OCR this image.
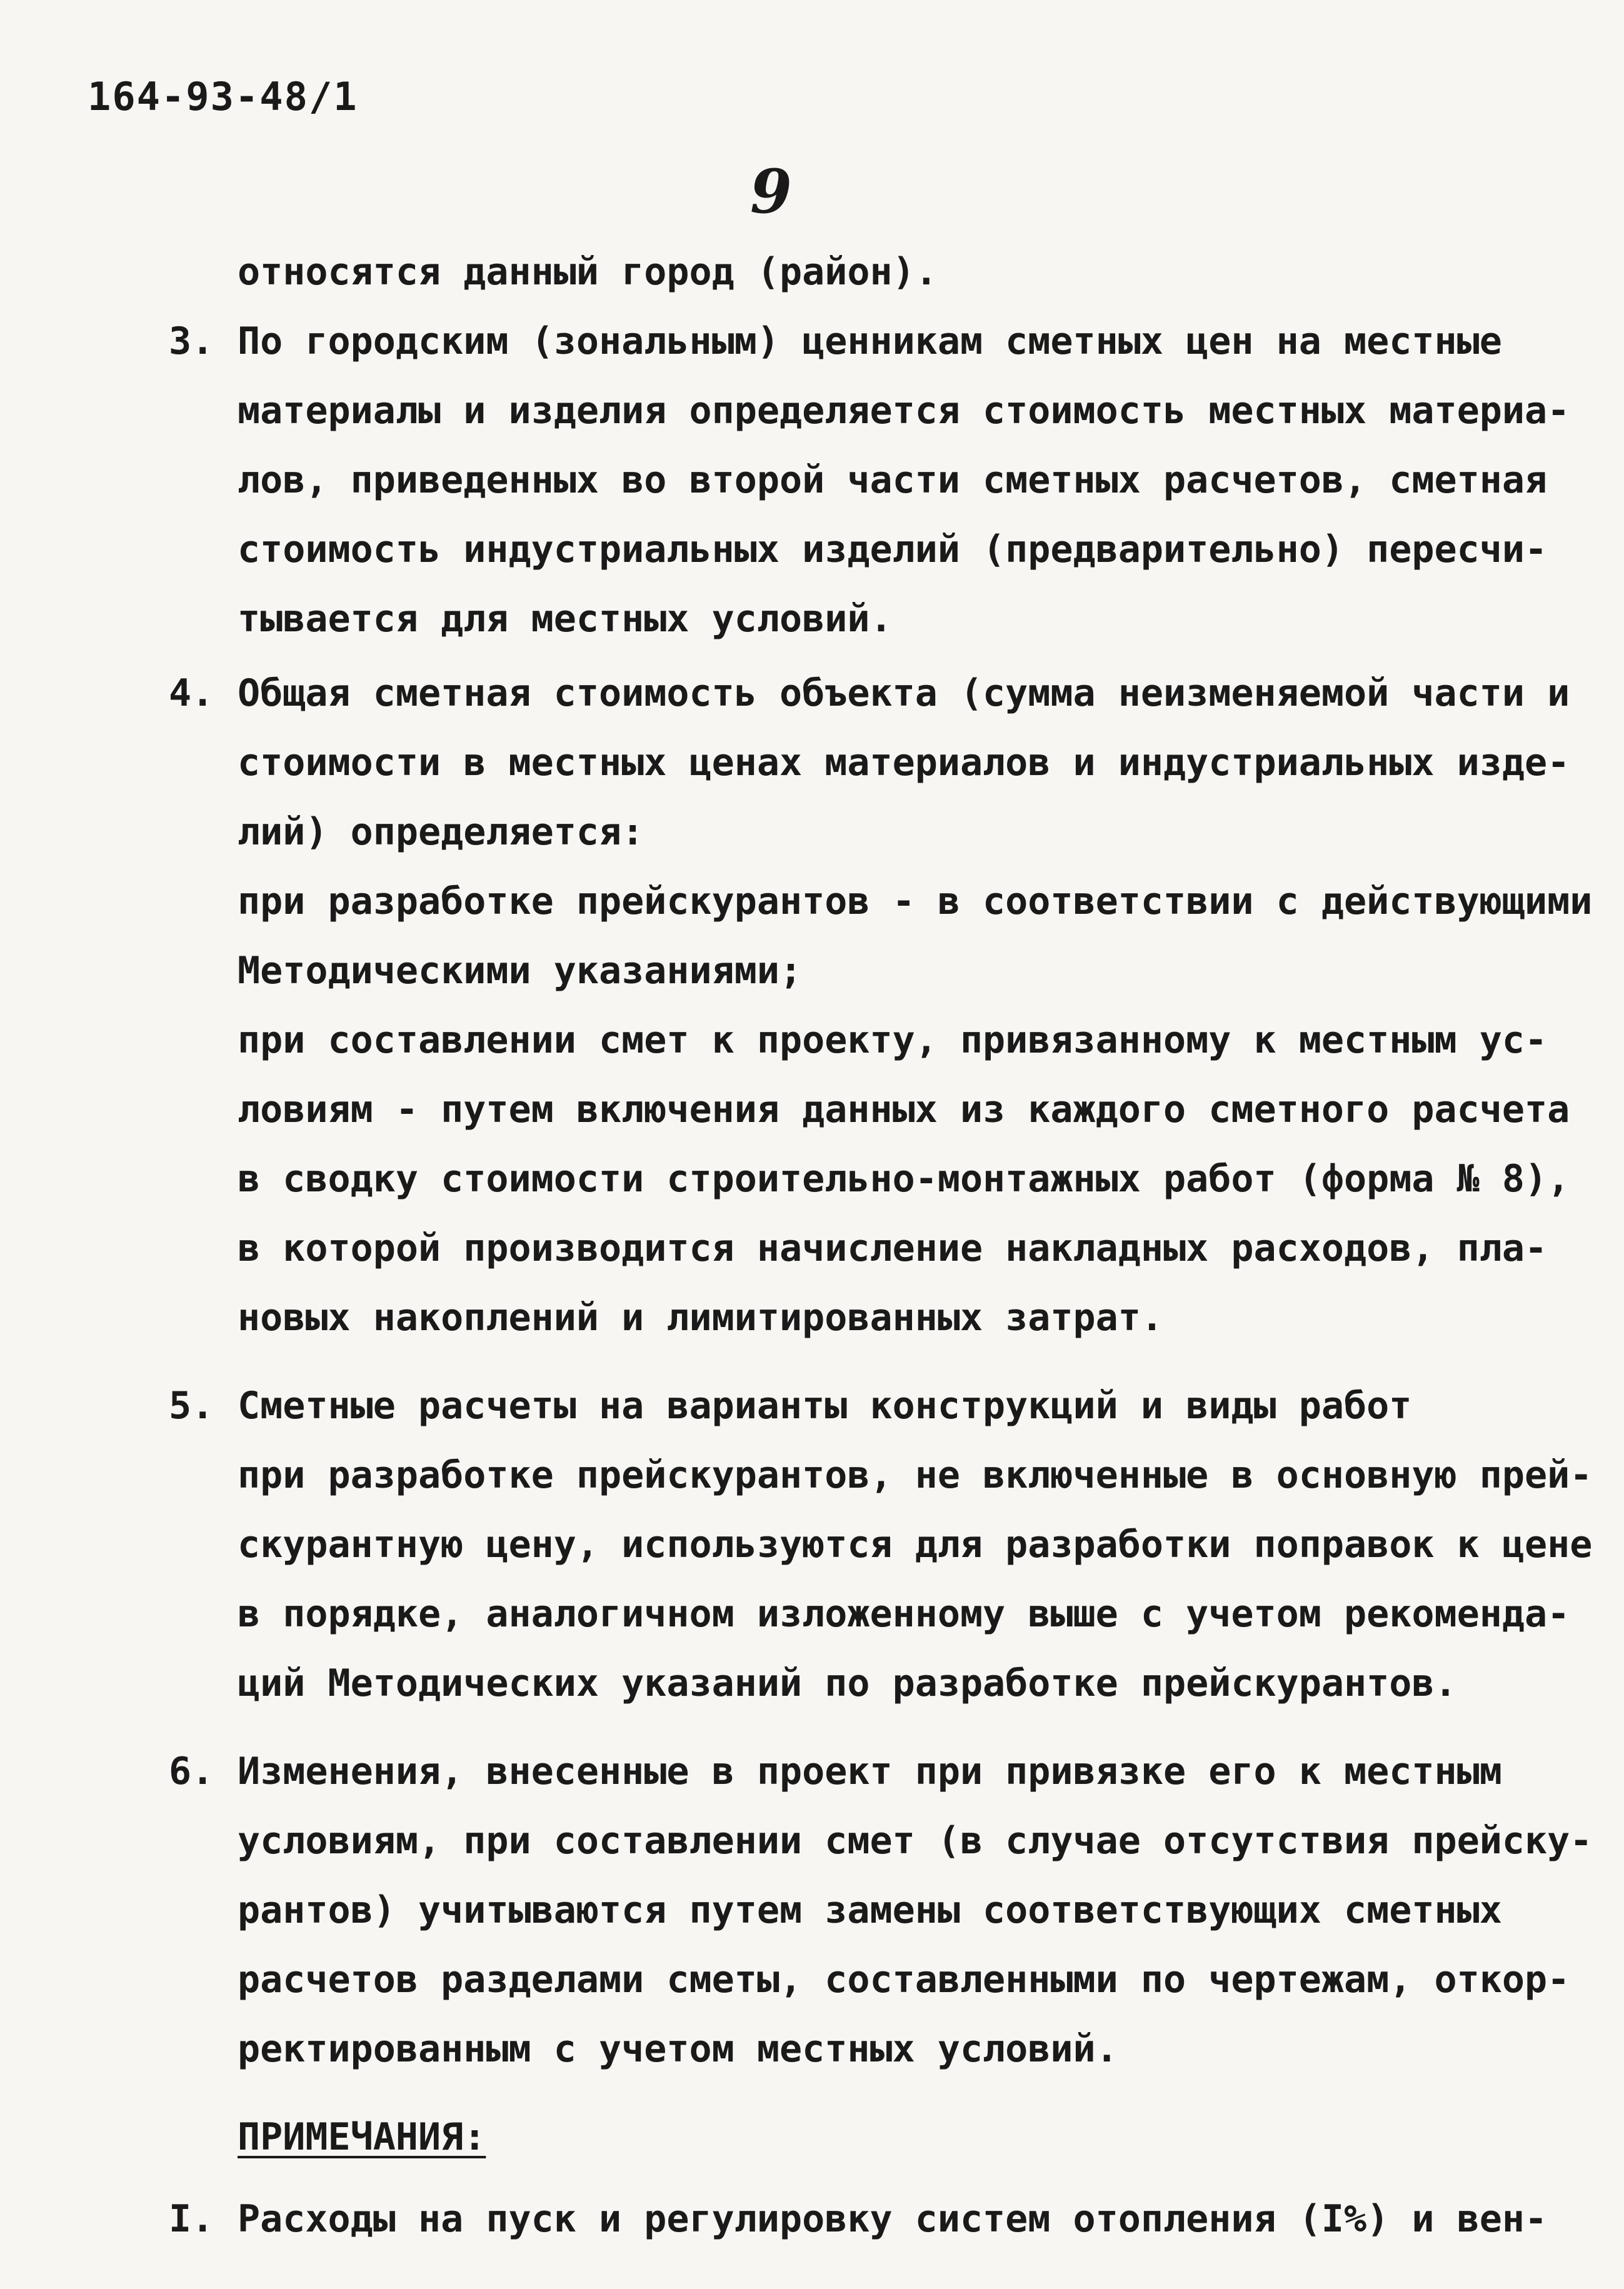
164-93-48/1
9
относятся данный город (район).
3. По городским (зональным) ценникам сметных цен на местные
материалы и изделия определяется стоимость местных материа-
лов, приведенных во второй части сметных расчетов, сметная
стоимость индустриальных изделий (предварительно) пересчи-
тывается для местных условий.
4. Общая сметная стоимость объекта (сумма неизменяемой части и
стоимости в местных ценах материалов и индустриальных изде-
лий) определяется:
при разработке прейскурантов - в соответствии с действующими
Методическими указаниями;
при составлении смет к проекту, привязанному к местным ус-
ловиям - путем включения данных из каждого сметного расчета
в сводку стоимости строительно-монтажных работ (форма № 8),
в которой производится начисление накладных расходов, пла-
новых накоплений и лимитированных затрат.
5. Сметные расчеты на варианты конструкций и виды работ
при разработке прейскурантов, не включенные в основную прей-
скурантную цену, используются для разработки поправок к цене
в порядке, аналогичном изложенному выше с учетом рекоменда-
ций Методических указаний по разработке прейскурантов.
6. Изменения, внесенные в проект при привязке его к местным
условиям, при составлении смет (в случае отсутствия прейску-
рантов) учитываются путем замены соответствующих сметных
расчетов разделами сметы, составленными по чертежам, откор-
ректированным с учетом местных условий.
ПРИМЕЧАНИЯ:
I. Расходы на пуск и регулировку систем отопления (I%) и вен-
